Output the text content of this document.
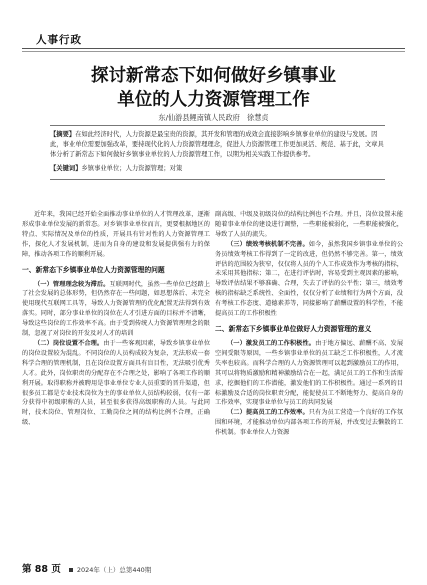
人事行政
探讨新常态下如何做好乡镇事业
单位的人力资源管理工作
东/仙游县鲤南镇人民政府　徐慧贞

【摘要】在如此经济时代，人力资源是最宝贵的资源，其开发和管理的成效会直接影响乡镇事业单位的建设与发展。因此，事业单位需要加强改革，要持现代化的人力资源管理理念，促进人力资源管理工作更加灵活、规范、基于此，文章具体分析了新常态下如何做好乡镇事业单位的人力资源管理工作，以期为相关实践工作提供参考。

【关键词】乡镇事业单位；人力资源管理；对策

近年来，我国已经开始全面推动事业单位的人才管理改革，逐渐形成事业单位发展的新常态。对乡镇事业单位而言，更要根据地区的特点、实际情况及单位的性质，开展具有针对性的人力资源管理工作，探化人才发展机制，进而为自身的建设和发展提供强有力的保障，推动各项工作的顺利开展。

一、新常态下乡镇事业单位人力资源管理的问题

（一）管理理念较为滞后。互联网时代，虽然一些单位已经踏上了社会发展的总体形势，但仍然存在一些问题，如思想落后、未完全使用现代互联网工具等，导致人力资源管理的优化配置无法得到有效落实。同时，部分事业单位的岗位在人才引进方面的目标并不清晰，导致这些岗位的工作效率不高。由于受到传统人力资源管理理念的限制，忽视了对岗位的开发及对人才的培训

（二）岗位设置不合理。由于一些客观因素，导致乡镇事业单位的岗位设置较为混乱。不同岗位的人员构成较为复杂，无法形成一套科学合理的管理机制，且在岗位设置方面具有盲目性，无法吸引优秀人才。此外，岗位职责的分配存在不合理之处，影响了各项工作的顺利开展。取得职称并被聘用是事业单位专业人员重要的晋升渠道，但很多员工都是专业技术岗位为主的事业单位人员结构较弱，仅有一部分获得中初级职称的人员，甚至很多获得高级职称的人员。与此同时，技术岗位、管理岗位、工勤岗位之间的结构比例不合理，正确级、

副高级、中级及初级岗位的结构比例也不合理。并且，岗位设置未能随着事业单位的建设进行调整，一些职能被弱化，一些职能被强化，导致了人员的流失。

（三）绩效考核机制不完善。如今，虽然我国乡镇事业单位的公务员绩效考核工作得到了一定的改进，但仍然不够完善。第一，绩效评估的范围较为狭窄，仅仅将人员的个人工作成效作为考核的指标，未采用其他指标；第二，在进行评估时，容易受到主观因素的影响，导致评估结果不够准确、合理，失去了评估的公平性；第三，绩效考核的指标缺乏系统性、全面性，仅仅分析了业绩和行为两个方面，没有考核工作态度、道德素养等，同接影响了薪酬设置的科学性，不能提高员工的工作积极性

二、新常态下乡镇事业单位做好人力资源管理的意义

（一）激发员工的工作积极性。由于地方偏远、薪酬不高、发展空间受限等原因，一些乡镇事业单位的员工缺乏工作积极性，人才流失率也较高。而科学合理的人力资源管理可以起到激励员工的作用，其可以将物质激励和精神激励结合在一起，满足员工的工作和生活需求，挖掘他们的工作潜能，激发他们的工作积极性。通过一系列的目标激励及合适的岗位职责分配，能促使员工不断地努力、提高自身的工作效率，实现事业单位与员工的共同发展

（二）提高员工的工作效率。只有为员工营造一个良好的工作氛围和环境，才能推动单位内部各项工作的开展，并改变过去懒散的工作机制。事业单位人力资源

第 88 页 2024年（上）总第440期
